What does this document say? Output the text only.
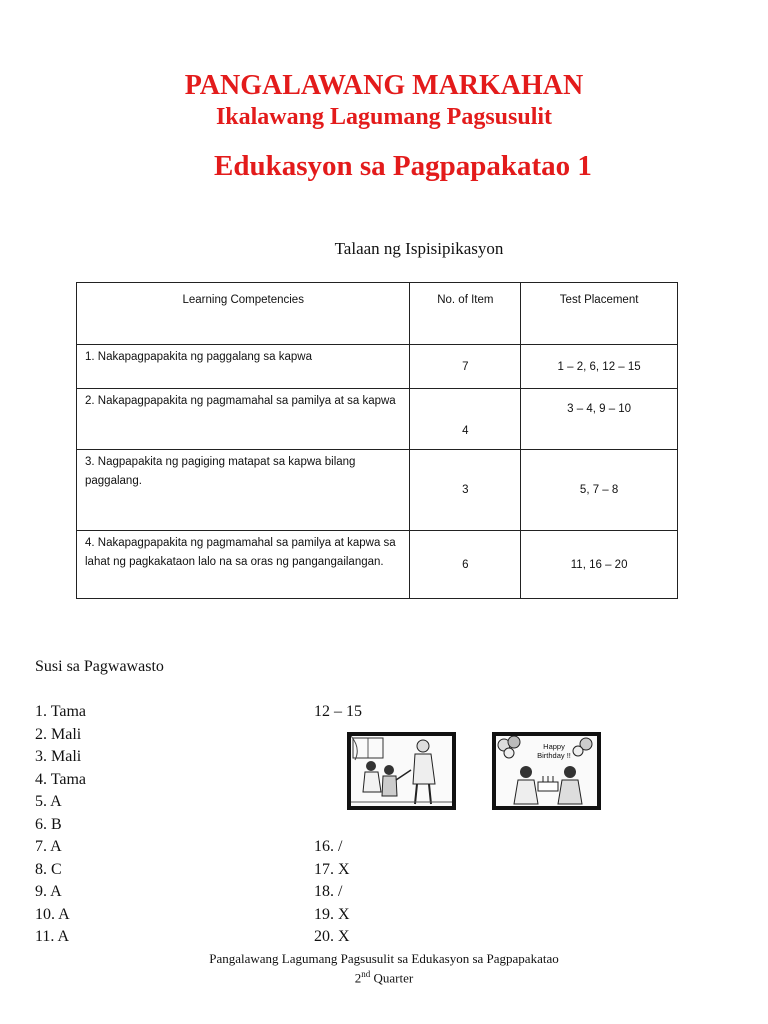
PANGALAWANG MARKAHAN
Ikalawang Lagumang Pagsusulit
Edukasyon sa Pagpapakatao 1
Talaan ng Ispisipikasyon
Learning Competencies	No. of Item	Test Placement
1. Nakapagpapakita ng paggalang sa kapwa	7	1 – 2, 6, 12 – 15
2. Nakapagpapakita ng pagmamahal sa pamilya at sa kapwa	4	3 – 4, 9 – 10
3. Nagpapakita ng pagiging matapat sa kapwa bilang paggalang.	3	5, 7 – 8
4. Nakapagpapakita ng pagmamahal sa pamilya at kapwa sa lahat ng pagkakataon lalo na sa oras ng pangangailangan.	6	11, 16 – 20
Susi sa Pagwawasto
1. Tama
2. Mali
3. Mali
4. Tama
5. A
6. B
7. A
8. C
9. A
10. A
11. A
12 – 15
16. /
17. X
18. /
19. X
20. X
Happy Birthday !!
Pangalawang Lagumang Pagsusulit sa Edukasyon sa Pagpapakatao
2nd Quarter
